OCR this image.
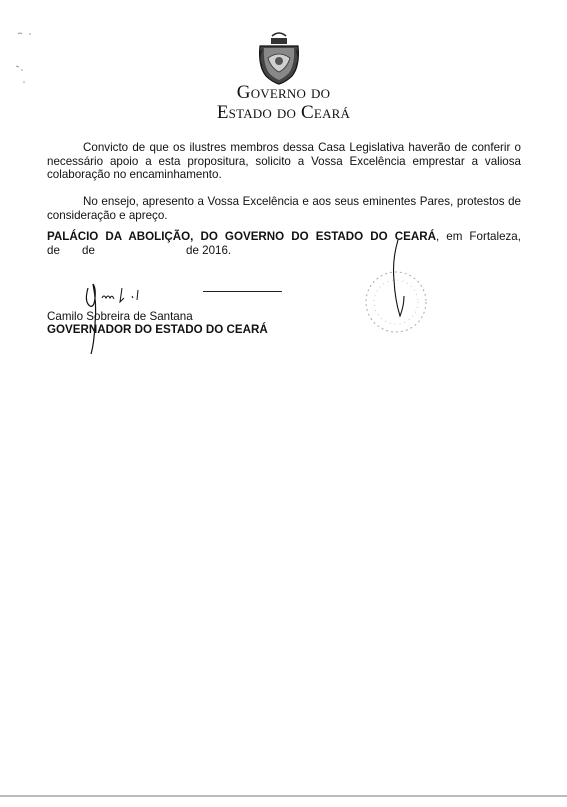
Governo do
Estado do Ceará

Convicto de que os ilustres membros dessa Casa Legislativa haverão de conferir o necessário apoio a esta propositura, solicito a Vossa Excelência emprestar a valiosa colaboração no encaminhamento.

No ensejo, apresento a Vossa Excelência e aos seus eminentes Pares, protestos de consideração e apreço.

PALÁCIO DA ABOLIÇÃO, DO GOVERNO DO ESTADO DO CEARÁ, em Fortaleza,
de de	de 2016.
Camilo Sobreira de Santana
GOVERNADOR DO ESTADO DO CEARÁ
